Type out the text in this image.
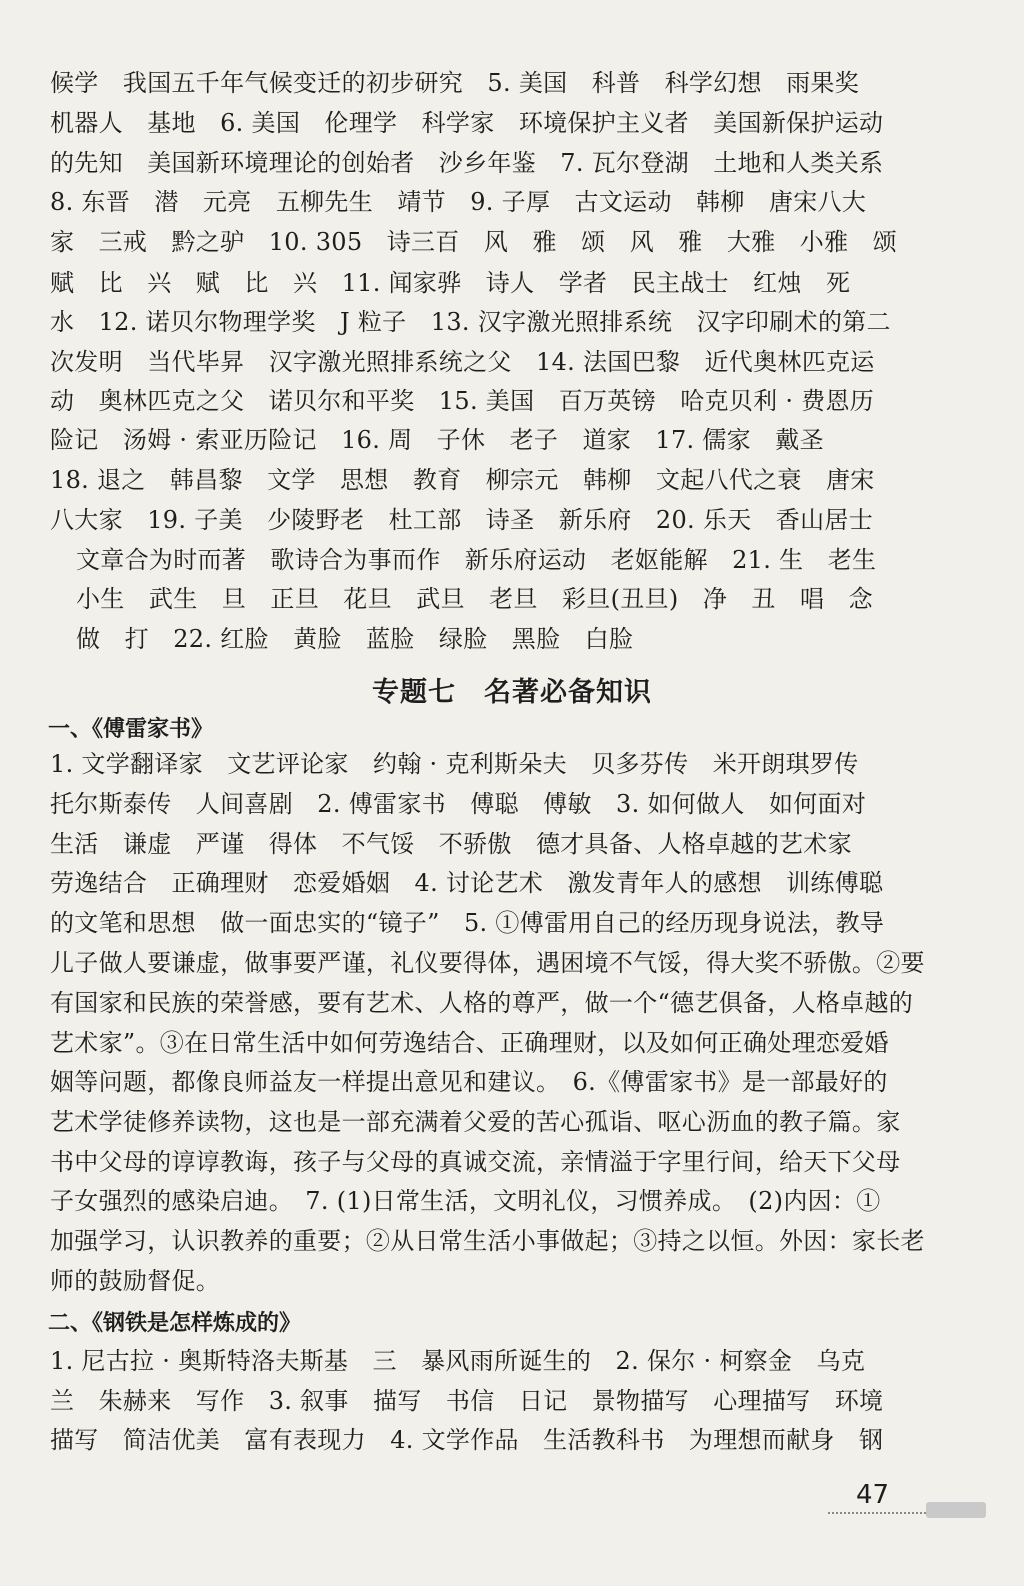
候学　我国五千年气候变迁的初步研究　5. 美国　科普　科学幻想　雨果奖
机器人　基地　6. 美国　伦理学　科学家　环境保护主义者　美国新保护运动
的先知　美国新环境理论的创始者　沙乡年鉴　7. 瓦尔登湖　土地和人类关系
8. 东晋　潜　元亮　五柳先生　靖节　9. 子厚　古文运动　韩柳　唐宋八大
家　三戒　黔之驴　10. 305　诗三百　风　雅　颂　风　雅　大雅　小雅　颂
赋　比　兴　赋　比　兴　11. 闻家骅　诗人　学者　民主战士　红烛　死
水　12. 诺贝尔物理学奖　J 粒子　13. 汉字激光照排系统　汉字印刷术的第二
次发明　当代毕昇　汉字激光照排系统之父　14. 法国巴黎　近代奥林匹克运
动　奥林匹克之父　诺贝尔和平奖　15. 美国　百万英镑　哈克贝利 · 费恩历
险记　汤姆 · 索亚历险记　16. 周　子休　老子　道家　17. 儒家　戴圣
18. 退之　韩昌黎　文学　思想　教育　柳宗元　韩柳　文起八代之衰　唐宋
八大家　19. 子美　少陵野老　杜工部　诗圣　新乐府　20. 乐天　香山居士
文章合为时而著　歌诗合为事而作　新乐府运动　老妪能解　21. 生　老生
小生　武生　旦　正旦　花旦　武旦　老旦　彩旦(丑旦)　净　丑　唱　念
做　打　22. 红脸　黄脸　蓝脸　绿脸　黑脸　白脸
专题七　名著必备知识
一、《傅雷家书》
1. 文学翻译家　文艺评论家　约翰 · 克利斯朵夫　贝多芬传　米开朗琪罗传
托尔斯泰传　人间喜剧　2. 傅雷家书　傅聪　傅敏　3. 如何做人　如何面对
生活　谦虚　严谨　得体　不气馁　不骄傲　德才具备、人格卓越的艺术家
劳逸结合　正确理财　恋爱婚姻　4. 讨论艺术　激发青年人的感想　训练傅聪
的文笔和思想　做一面忠实的“镜子”　5. ①傅雷用自己的经历现身说法，教导
儿子做人要谦虚，做事要严谨，礼仪要得体，遇困境不气馁，得大奖不骄傲。②要
有国家和民族的荣誉感，要有艺术、人格的尊严，做一个“德艺俱备，人格卓越的
艺术家”。③在日常生活中如何劳逸结合、正确理财，以及如何正确处理恋爱婚
姻等问题，都像良师益友一样提出意见和建议。　6.《傅雷家书》是一部最好的
艺术学徒修养读物，这也是一部充满着父爱的苦心孤诣、呕心沥血的教子篇。家
书中父母的谆谆教诲，孩子与父母的真诚交流，亲情溢于字里行间，给天下父母
子女强烈的感染启迪。　7. (1)日常生活，文明礼仪，习惯养成。　(2)内因：①
加强学习，认识教养的重要；②从日常生活小事做起；③持之以恒。外因：家长老
师的鼓励督促。
二、《钢铁是怎样炼成的》
1. 尼古拉 · 奥斯特洛夫斯基　三　暴风雨所诞生的　2. 保尔 · 柯察金　乌克
兰　朱赫来　写作　3. 叙事　描写　书信　日记　景物描写　心理描写　环境
描写　简洁优美　富有表现力　4. 文学作品　生活教科书　为理想而献身　钢
47
